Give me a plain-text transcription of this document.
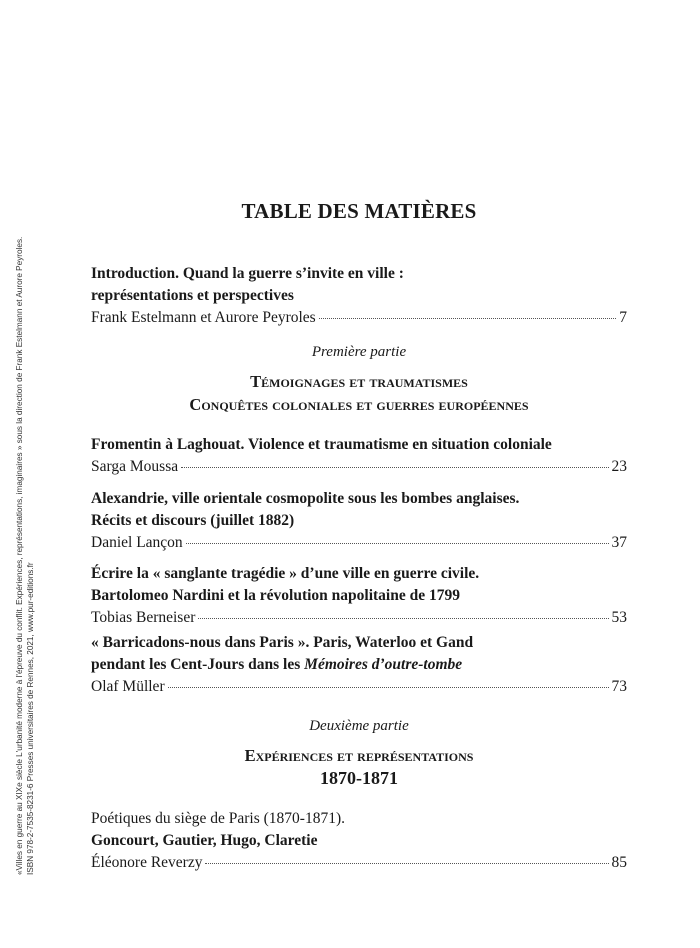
«Villes en guerre au XIXe siècle L'urbanité moderne à l'épreuve du conflit. Expériences, représentations, imaginaires » sous la direction de Frank Estelmann et Aurore Peyroles. ISBN 978-2-7535-8231-6 Presses universitaires de Rennes, 2021, www.pur-editions.fr
TABLE DES MATIÈRES
Introduction. Quand la guerre s’invite en ville :
représentations et perspectives
Frank Estelmann et Aurore Peyroles	7
Première partie
Témoignages et traumatismes
Conquêtes coloniales et guerres européennes
Fromentin à Laghouat. Violence et traumatisme en situation coloniale
Sarga Moussa	23
Alexandrie, ville orientale cosmopolite sous les bombes anglaises.
Récits et discours (juillet 1882)
Daniel Lançon	37
Écrire la « sanglante tragédie » d’une ville en guerre civile.
Bartolomeo Nardini et la révolution napolitaine de 1799
Tobias Berneiser	53
« Barricadons-nous dans Paris ». Paris, Waterloo et Gand
pendant les Cent-Jours dans les Mémoires d’outre-tombe
Olaf Müller	73
Deuxième partie
Expériences et représentations
1870-1871
Poétiques du siège de Paris (1870-1871).
Goncourt, Gautier, Hugo, Claretie
Éléonore Reverzy	85
